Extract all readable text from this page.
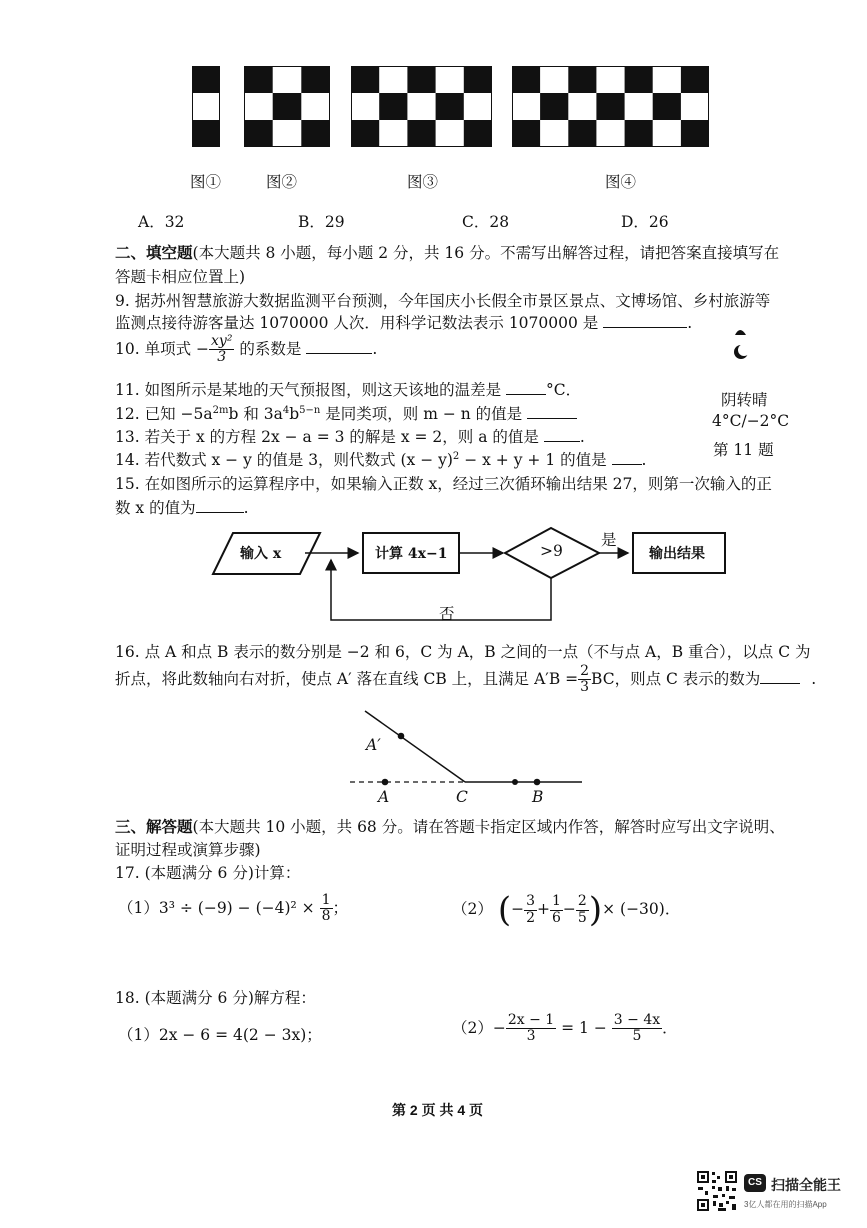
图①	图②	图③	图④
A．32	B．29	C．28	D．26
二、填空题(本大题共 8 小题，每小题 2 分，共 16 分。不需写出解答过程，请把答案直接填写在
答题卡相应位置上)
9. 据苏州智慧旅游大数据监测平台预测，今年国庆小长假全市景区景点、文博场馆、乡村旅游等
监测点接待游客量达 1070000 人次．用科学记数法表示 1070000 是	.
10. 单项式 − $\frac{\text{xy²}}{3}$ 的系数是	.
11. 如图所示是某地的天气预报图，则这天该地的温差是	°C．
阴转晴
4°C/−2°C
第 11 题
12. 已知 $-5a^{2m}b$ 和 $3a^4b^{5-n}$ 是同类项，则 m − n 的值是
13. 若关于 x 的方程 2x − a = 3 的解是 x = 2，则 a 的值是	.
14. 若代数式 x − y 的值是 3，则代数式 $(x - y)^2 - x + y + 1$ 的值是 .
15. 在如图所示的运算程序中，如果输入正数 x，经过三次循环输出结果 27，则第一次输入的正
数 x 的值为	.
输入 x	计算 4x−1	>9
是
输出结果
否
16. 点 A 和点 B 表示的数分别是 −2 和 6，C 为 A，B 之间的一点（不与点 A，B 重合），以点 C 为
折点，将此数轴向右对折，使点 A′ 落在直线 CB 上，且满足 $A'B = \frac{2}{3}$ BC，则点 C 表示的数为	.
A′
A	C	B
三、解答题(本大题共 10 小题，共 68 分。请在答题卡指定区域内作答，解答时应写出文字说明、
证明过程或演算步骤)
17. (本题满分 6 分)计算：
$(1)3^3 \div (-9) - (-4)^2 \times \frac{1}{8}$ ；	（2） (− $\frac{3}{2} + \frac{1}{6} - \frac{2}{5}$ )× (−30)．
18. (本题满分 6 分)解方程：
（1）2x − 6 = 4(2 − 3x)；	$(2)- \frac{2x - 1}{3} = 1 - \frac{3 - 4x}{5}$ ．
第 2 页 共 4 页
CS 扫描全能王
3亿人都在用的扫描App
